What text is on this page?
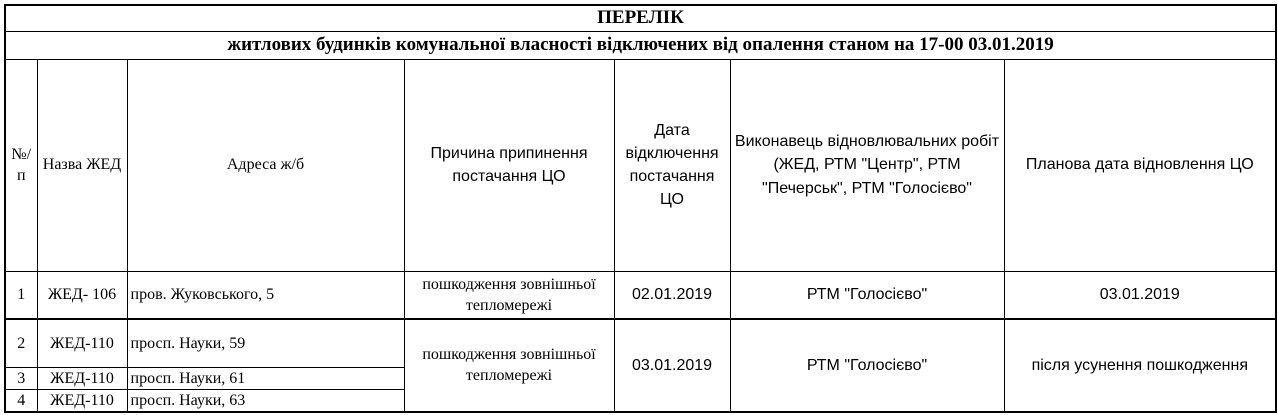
ПЕРЕЛІК						
житлових будинків комунальної власності відключених від опалення станом на 17-00 03.01.2019						
№/п	Назва ЖЕД	Адреса ж/б	Причина припинення постачання ЦО	Дата відключення постачання ЦО	Виконавець відновлювальних робіт (ЖЕД, РТМ "Центр", РТМ "Печерськ", РТМ "Голосієво"	Планова дата відновлення ЦО
1	ЖЕД- 106	пров. Жуковського, 5	пошкодження зовнішньої тепломережі	02.01.2019	РТМ "Голосієво"	03.01.2019
2	ЖЕД-110	просп. Науки, 59	пошкодження зовнішньої тепломережі	03.01.2019	РТМ "Голосієво"	після усунення пошкодження
3	ЖЕД-110	просп. Науки, 61				
4	ЖЕД-110	просп. Науки, 63				
